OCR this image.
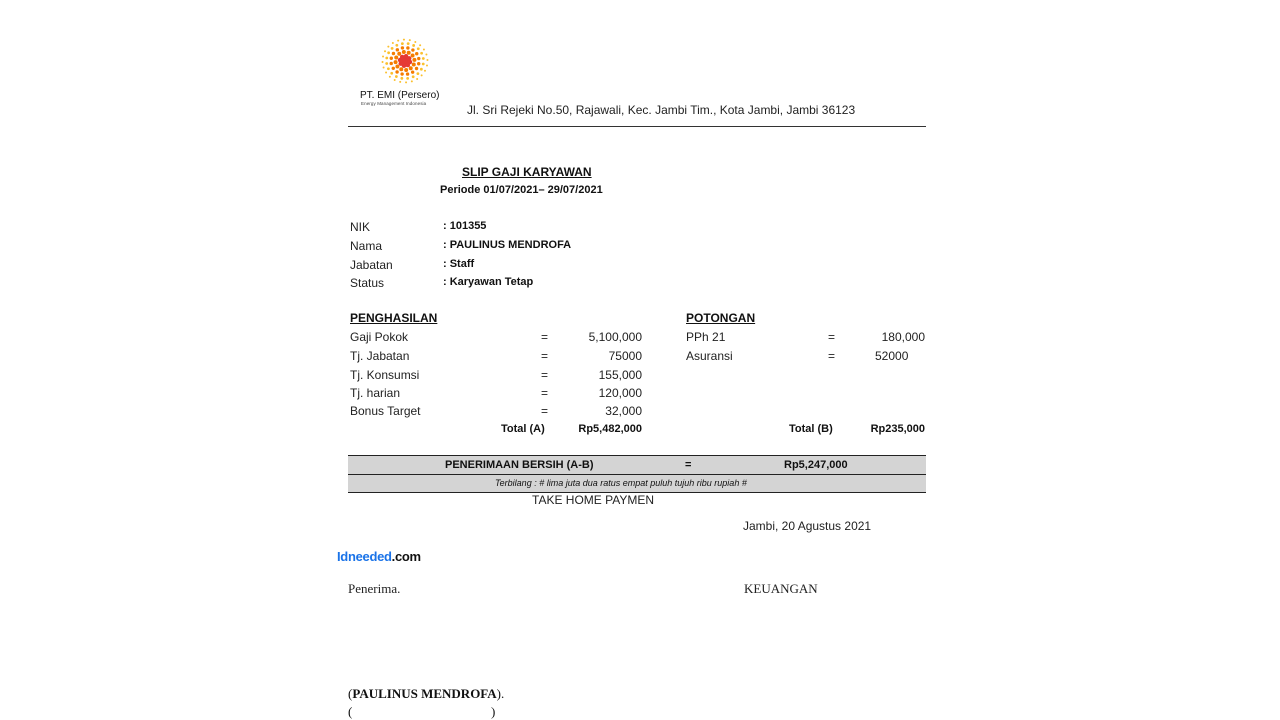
PT. EMI (Persero)
Energy Management Indonesia	Jl. Sri Rejeki No.50, Rajawali, Kec. Jambi Tim., Kota Jambi, Jambi 36123
SLIP GAJI KARYAWAN
Periode 01/07/2021– 29/07/2021
NIK	: 101355
Nama	: PAULINUS MENDROFA
Jabatan	: Staff
Status	: Karyawan Tetap
PENGHASILAN
Gaji Pokok	=	5,100,000
Tj. Jabatan	=	75000
Tj. Konsumsi	=	155,000
Tj. harian	=	120,000
Bonus Target	=	32,000
Total (A)	Rp5,482,000
POTONGAN
PPh 21	=	180,000
Asuransi	=	52000
Total (B)	Rp235,000
PENERIMAAN BERSIH (A-B)	=	Rp5,247,000
Terbilang : # lima juta dua ratus empat puluh tujuh ribu rupiah #
TAKE HOME PAYMEN
Jambi, 20 Agustus 2021
Idneeded.com
Penerima.	KEUANGAN
(PAULINUS MENDROFA).
(	)
